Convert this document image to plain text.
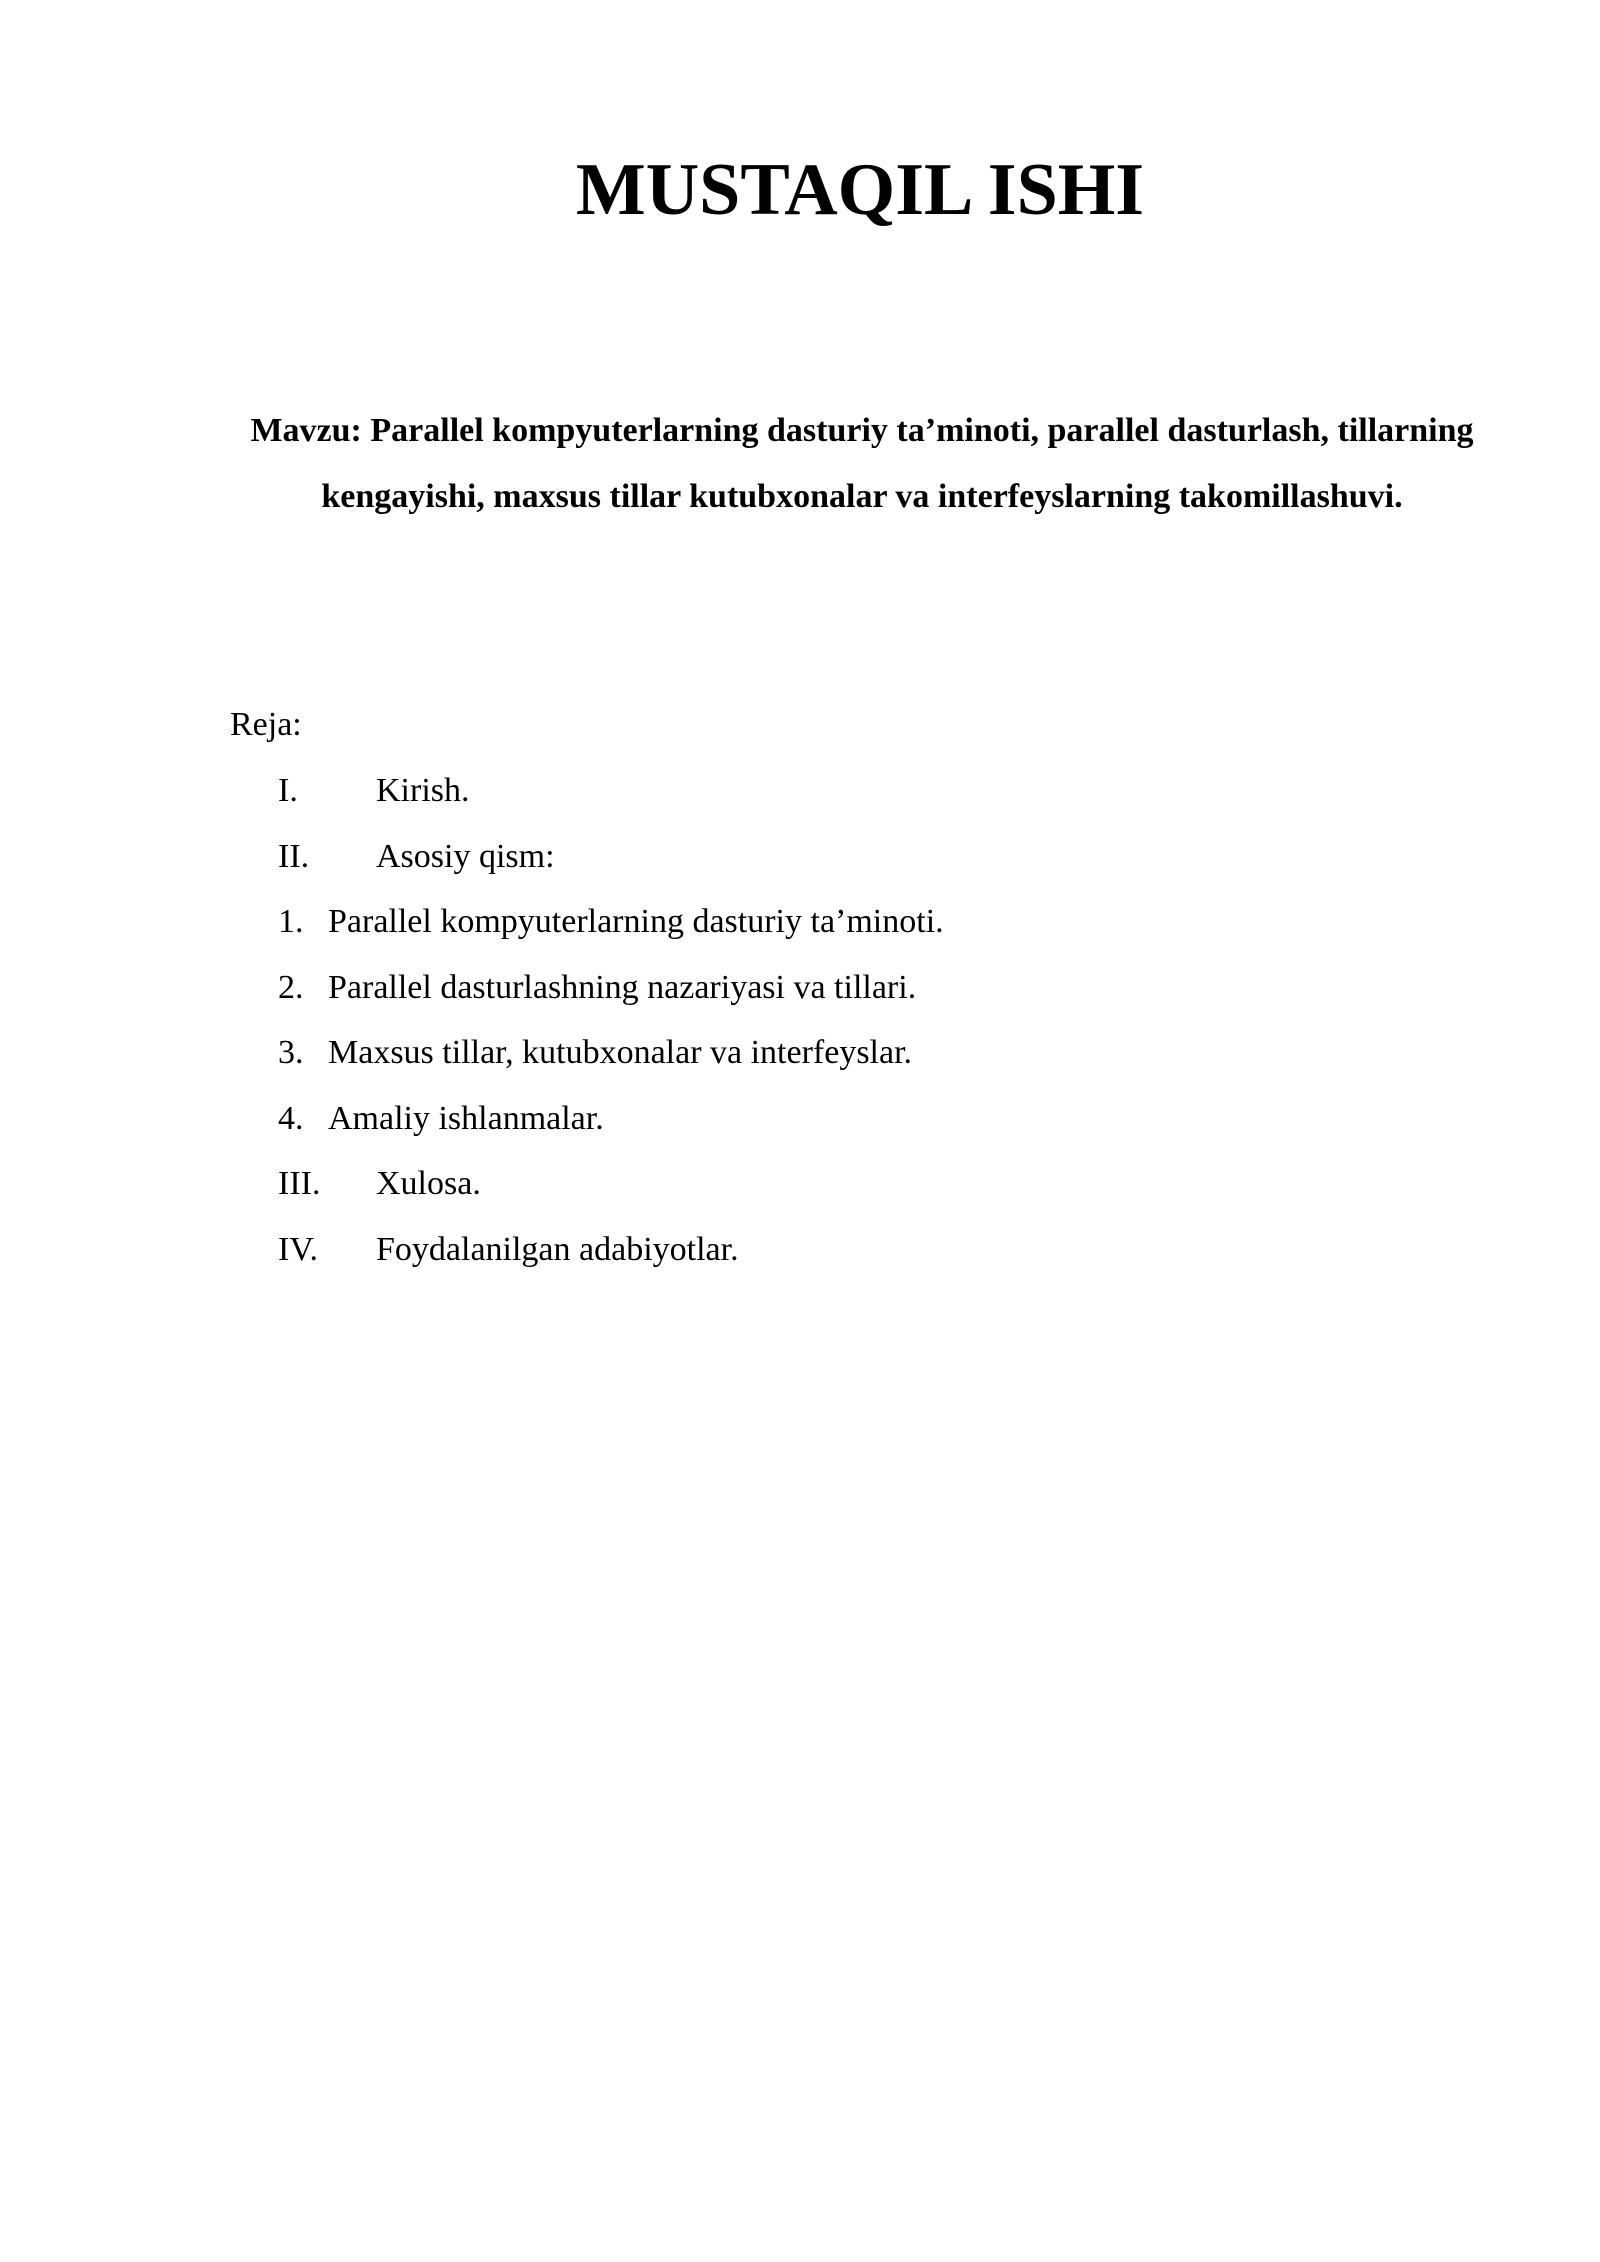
MUSTAQIL ISHI

Mavzu: Parallel kompyuterlarning dasturiy ta’minoti, parallel dasturlash, tillarning kengayishi, maxsus tillar kutubxonalar va interfeyslarning takomillashuvi.

Reja:

I. Kirish.
II. Asosiy qism:
1. Parallel kompyuterlarning dasturiy ta’minoti.
2. Parallel dasturlashning nazariyasi va tillari.
3. Maxsus tillar, kutubxonalar va interfeyslar.
4. Amaliy ishlanmalar.
III. Xulosa.
IV. Foydalanilgan adabiyotlar.
